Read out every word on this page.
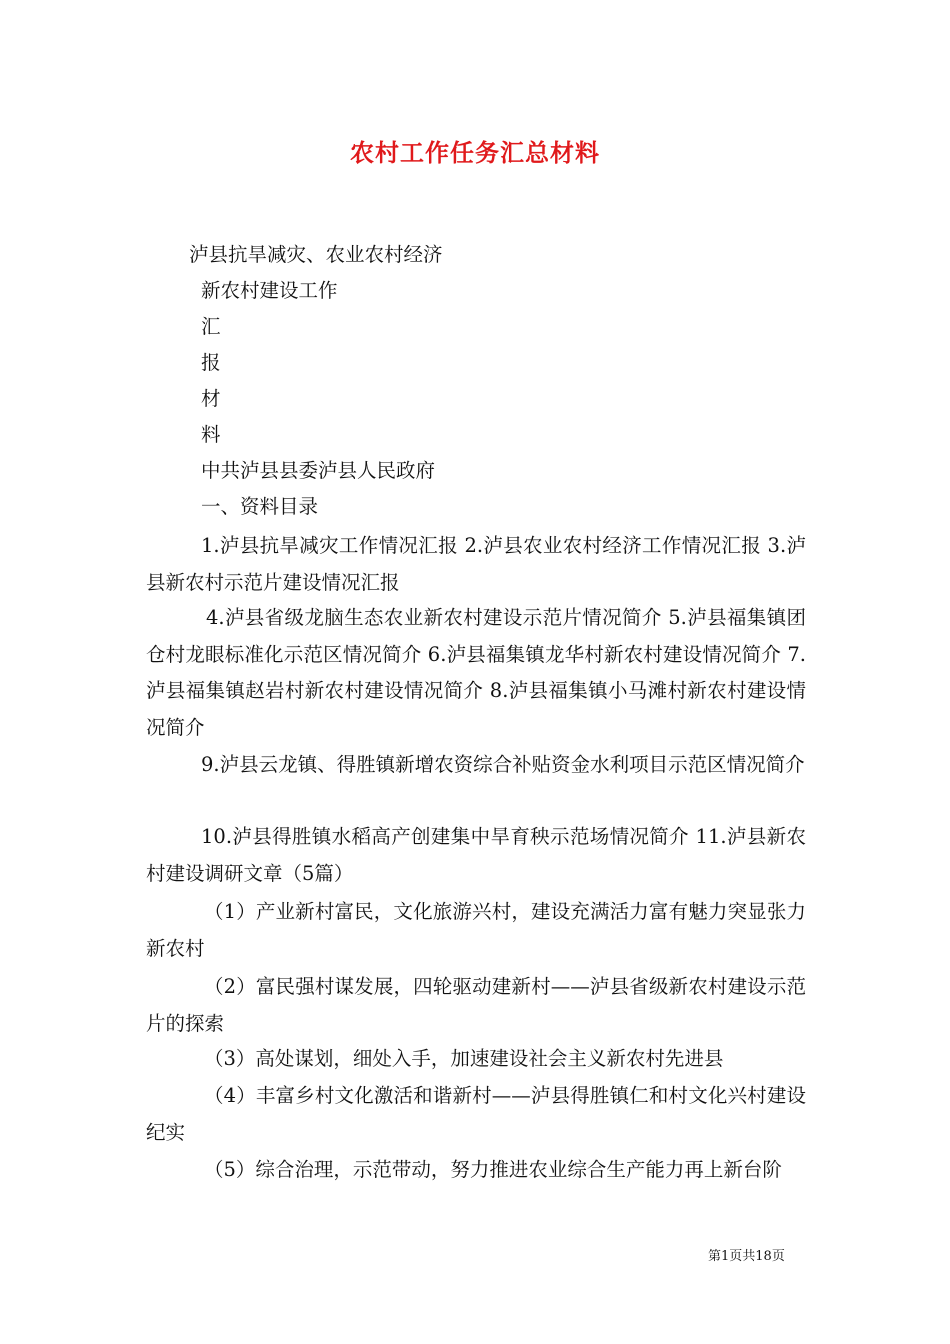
农村工作任务汇总材料
泸县抗旱减灾、农业农村经济
新农村建设工作
汇
报
材
料
中共泸县县委泸县人民政府
一、资料目录
1.泸县抗旱减灾工作情况汇报 2.泸县农业农村经济工作情况汇报 3.泸县新农村示范片建设情况汇报
4.泸县省级龙脑生态农业新农村建设示范片情况简介 5.泸县福集镇团仓村龙眼标准化示范区情况简介 6.泸县福集镇龙华村新农村建设情况简介 7.泸县福集镇赵岩村新农村建设情况简介 8.泸县福集镇小马滩村新农村建设情况简介
9.泸县云龙镇、得胜镇新增农资综合补贴资金水利项目示范区情况简介
10.泸县得胜镇水稻高产创建集中旱育秧示范场情况简介 11.泸县新农村建设调研文章（5篇）
（1）产业新村富民，文化旅游兴村，建设充满活力富有魅力突显张力新农村
（2）富民强村谋发展，四轮驱动建新村——泸县省级新农村建设示范片的探索
（3）高处谋划，细处入手，加速建设社会主义新农村先进县
（4）丰富乡村文化激活和谐新村——泸县得胜镇仁和村文化兴村建设纪实
（5）综合治理，示范带动，努力推进农业综合生产能力再上新台阶
第1页共18页
